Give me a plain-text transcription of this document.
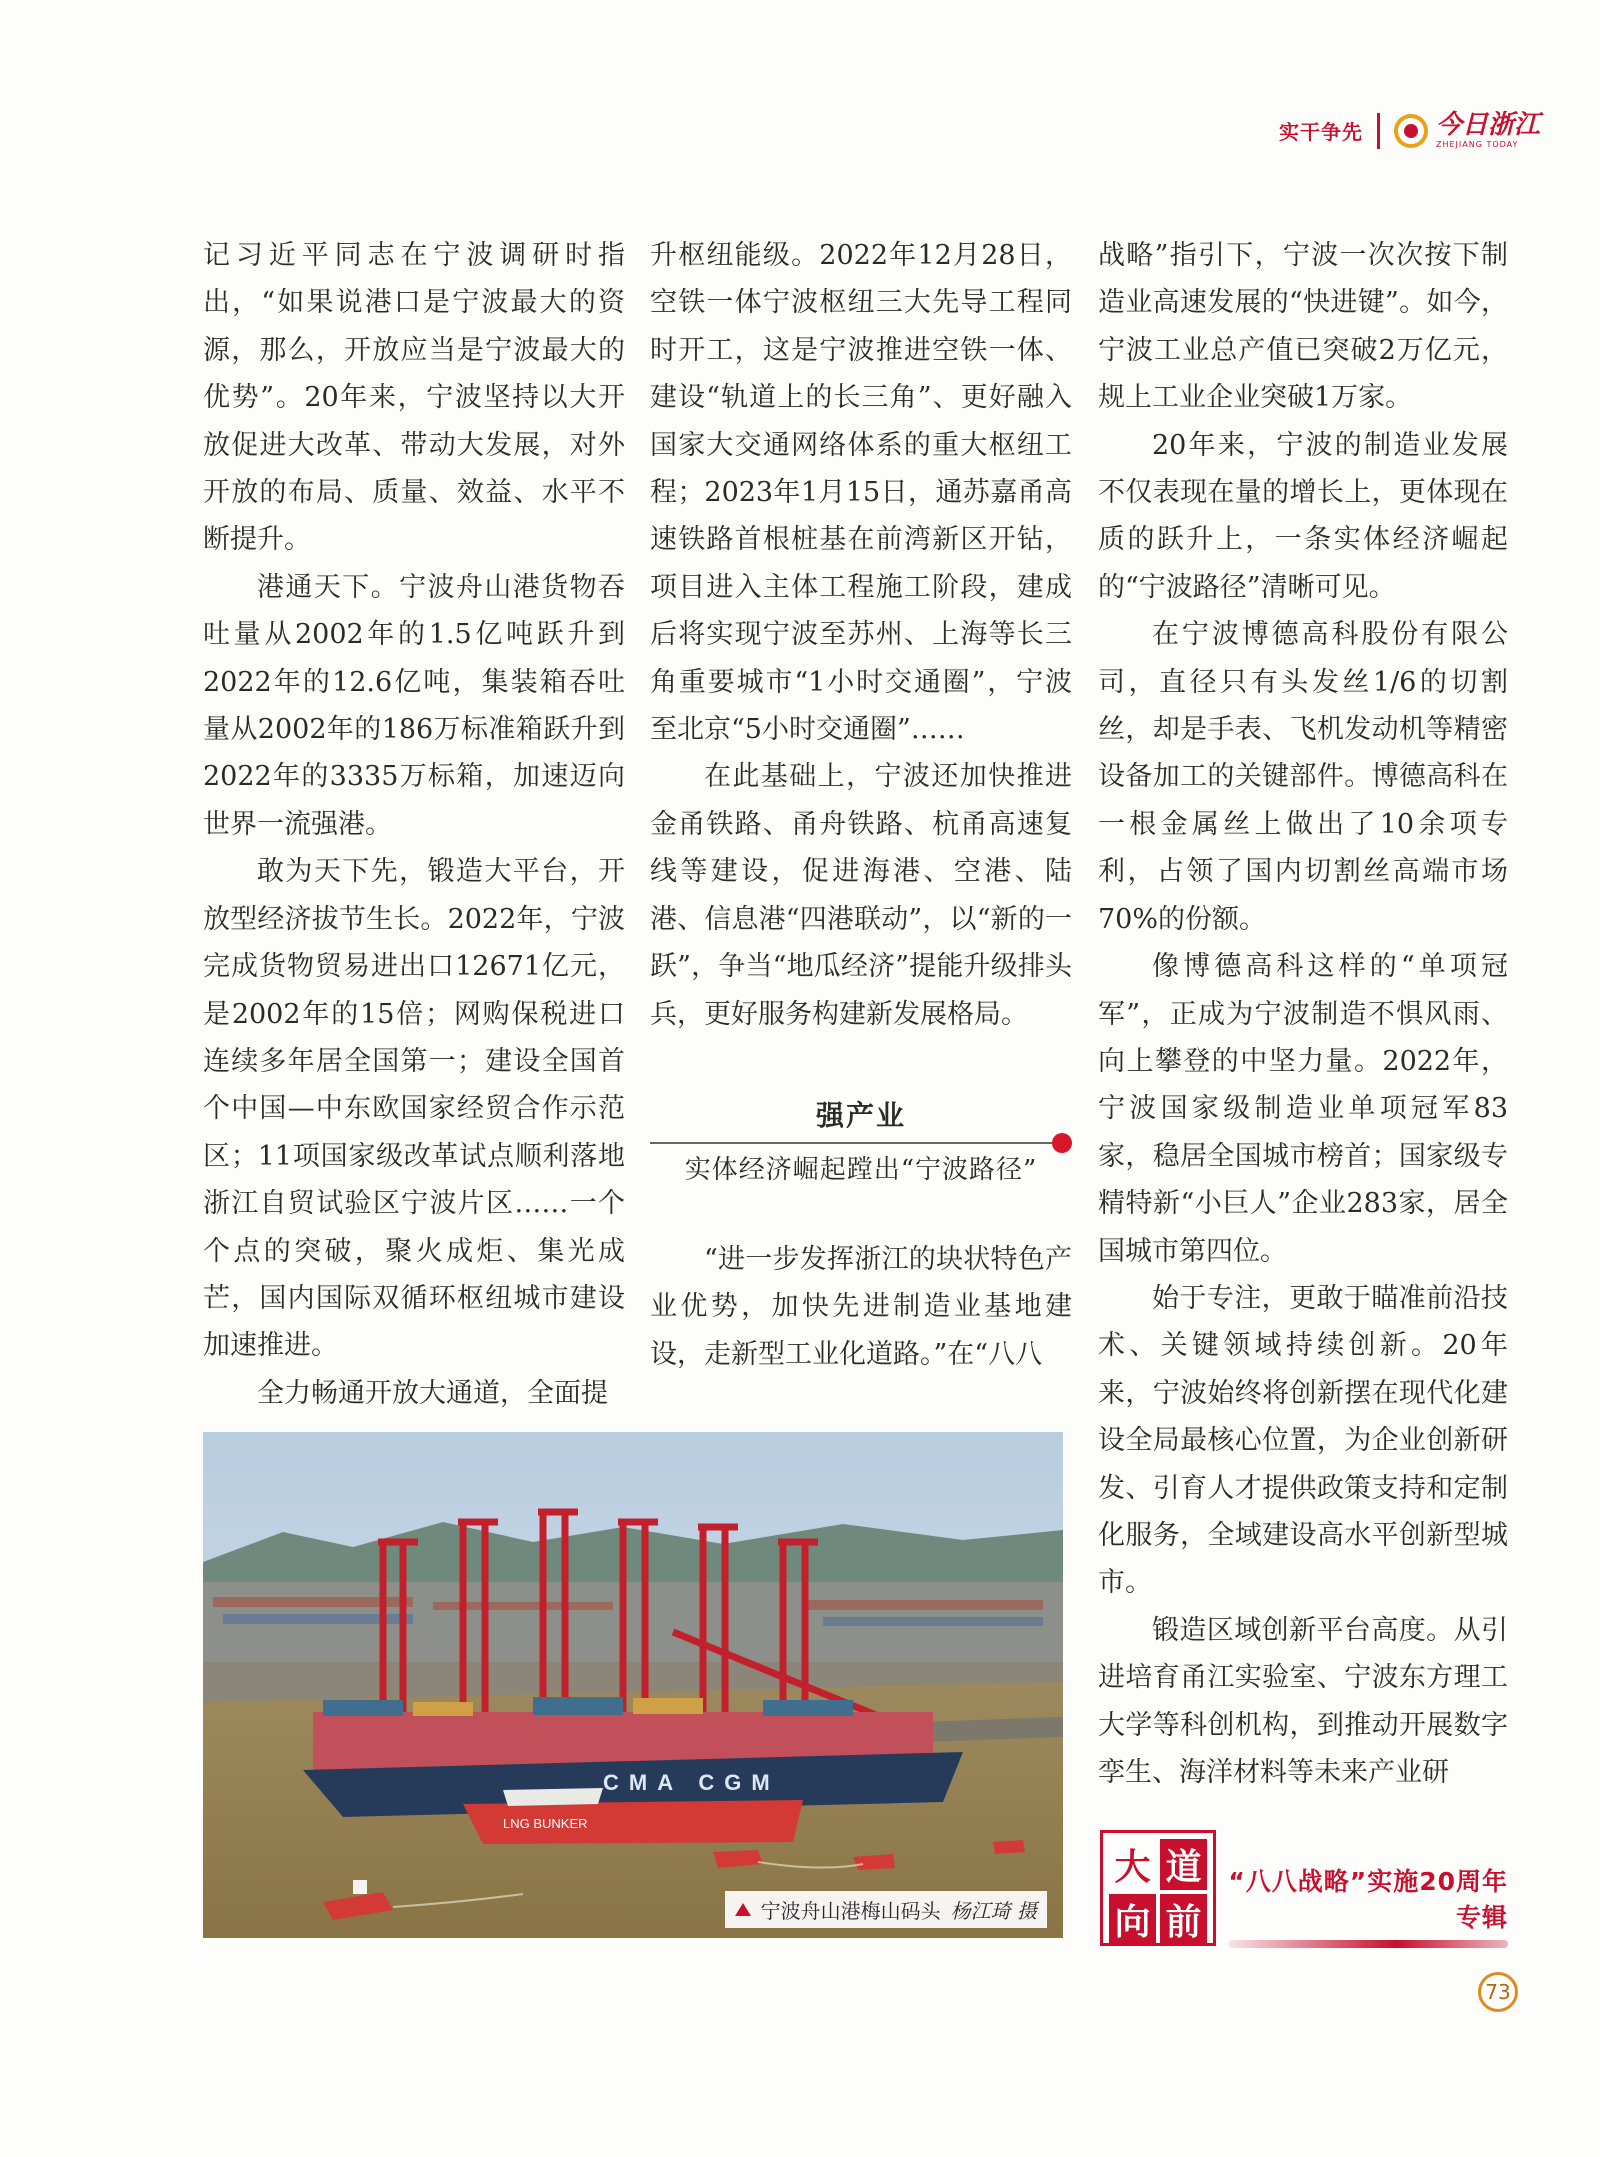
实干争先	今日浙江
ZHEJIANG TODAY

记习近平同志在宁波调研时指出，“如果说港口是宁波最大的资源，那么，开放应当是宁波最大的优势”。20年来，宁波坚持以大开放促进大改革、带动大发展，对外开放的布局、质量、效益、水平不断提升。

港通天下。宁波舟山港货物吞吐量从2002年的1.5亿吨跃升到2022年的12.6亿吨，集装箱吞吐量从2002年的186万标准箱跃升到2022年的3335万标箱，加速迈向世界一流强港。

敢为天下先，锻造大平台，开放型经济拔节生长。2022年，宁波完成货物贸易进出口12671亿元，是2002年的15倍；网购保税进口连续多年居全国第一；建设全国首个中国—中东欧国家经贸合作示范区；11项国家级改革试点顺利落地浙江自贸试验区宁波片区……一个个点的突破，聚火成炬、集光成芒，国内国际双循环枢纽城市建设加速推进。

全力畅通开放大通道，全面提

升枢纽能级。2022年12月28日，空铁一体宁波枢纽三大先导工程同时开工，这是宁波推进空铁一体、建设“轨道上的长三角”、更好融入国家大交通网络体系的重大枢纽工程；2023年1月15日，通苏嘉甬高速铁路首根桩基在前湾新区开钻，项目进入主体工程施工阶段，建成后将实现宁波至苏州、上海等长三角重要城市“1小时交通圈”，宁波至北京“5小时交通圈”……

在此基础上，宁波还加快推进金甬铁路、甬舟铁路、杭甬高速复线等建设，促进海港、空港、陆港、信息港“四港联动”，以“新的一跃”，争当“地瓜经济”提能升级排头兵，更好服务构建新发展格局。

强产业
实体经济崛起蹚出“宁波路径”

“进一步发挥浙江的块状特色产业优势，加快先进制造业基地建设，走新型工业化道路。”在“八八

战略”指引下，宁波一次次按下制造业高速发展的“快进键”。如今，宁波工业总产值已突破2万亿元，规上工业企业突破1万家。

20年来，宁波的制造业发展不仅表现在量的增长上，更体现在质的跃升上，一条实体经济崛起的“宁波路径”清晰可见。

在宁波博德高科股份有限公司，直径只有头发丝1/6的切割丝，却是手表、飞机发动机等精密设备加工的关键部件。博德高科在一根金属丝上做出了10余项专利，占领了国内切割丝高端市场70%的份额。

像博德高科这样的“单项冠军”，正成为宁波制造不惧风雨、向上攀登的中坚力量。2022年，宁波国家级制造业单项冠军83家，稳居全国城市榜首；国家级专精特新“小巨人”企业283家，居全国城市第四位。

始于专注，更敢于瞄准前沿技术、关键领域持续创新。20年来，宁波始终将创新摆在现代化建设全局最核心位置，为企业创新研发、引育人才提供政策支持和定制化服务，全域建设高水平创新型城市。

锻造区域创新平台高度。从引进培育甬江实验室、宁波东方理工大学等科创机构，到推动开展数字孪生、海洋材料等未来产业研

CMA CGM
LNG BUNKER
宁波舟山港梅山码头 杨江琦 摄
大 道
向 前
“八八战略”实施20周年专辑
73
